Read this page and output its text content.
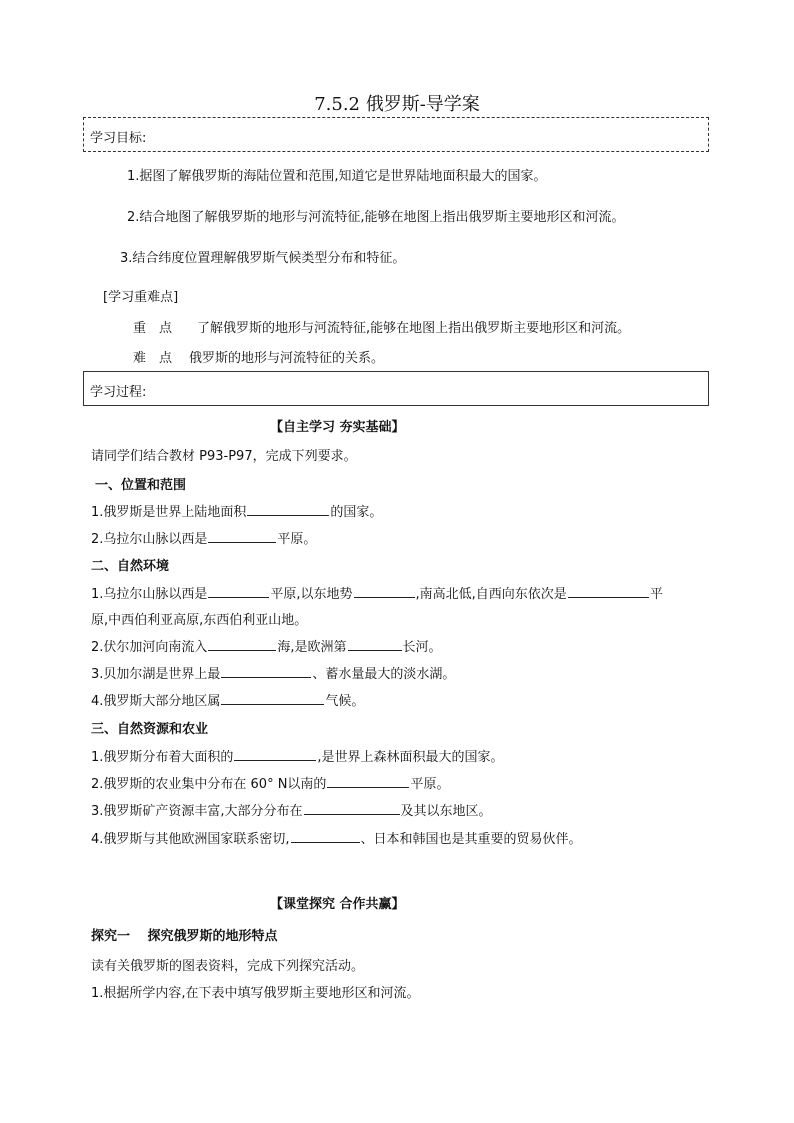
7.5.2 俄罗斯-导学案
学习目标:
1.据图了解俄罗斯的海陆位置和范围,知道它是世界陆地面积最大的国家。
2.结合地图了解俄罗斯的地形与河流特征,能够在地图上指出俄罗斯主要地形区和河流。
3.结合纬度位置理解俄罗斯气候类型分布和特征。
[学习重难点]
重　点 了解俄罗斯的地形与河流特征,能够在地图上指出俄罗斯主要地形区和河流。
难　点 俄罗斯的地形与河流特征的关系。
学习过程:
【自主学习 夯实基础】
请同学们结合教材 P93-P97，完成下列要求。
一、位置和范围
1.俄罗斯是世界上陆地面积	的国家。
2.乌拉尔山脉以西是	平原。
二、自然环境
1.乌拉尔山脉以西是	平原,以东地势	,南高北低,自西向东依次是	平
原,中西伯利亚高原,东西伯利亚山地。
2.伏尔加河向南流入	海,是欧洲第	长河。
3.贝加尔湖是世界上最	、蓄水量最大的淡水湖。
4.俄罗斯大部分地区属	气候。
三、自然资源和农业
1.俄罗斯分布着大面积的	,是世界上森林面积最大的国家。
2.俄罗斯的农业集中分布在 60° N以南的	平原。
3.俄罗斯矿产资源丰富,大部分分布在	及其以东地区。
4.俄罗斯与其他欧洲国家联系密切,	、日本和韩国也是其重要的贸易伙伴。
【课堂探究 合作共赢】
探究一　 探究俄罗斯的地形特点
读有关俄罗斯的图表资料，完成下列探究活动。
1.根据所学内容,在下表中填写俄罗斯主要地形区和河流。
